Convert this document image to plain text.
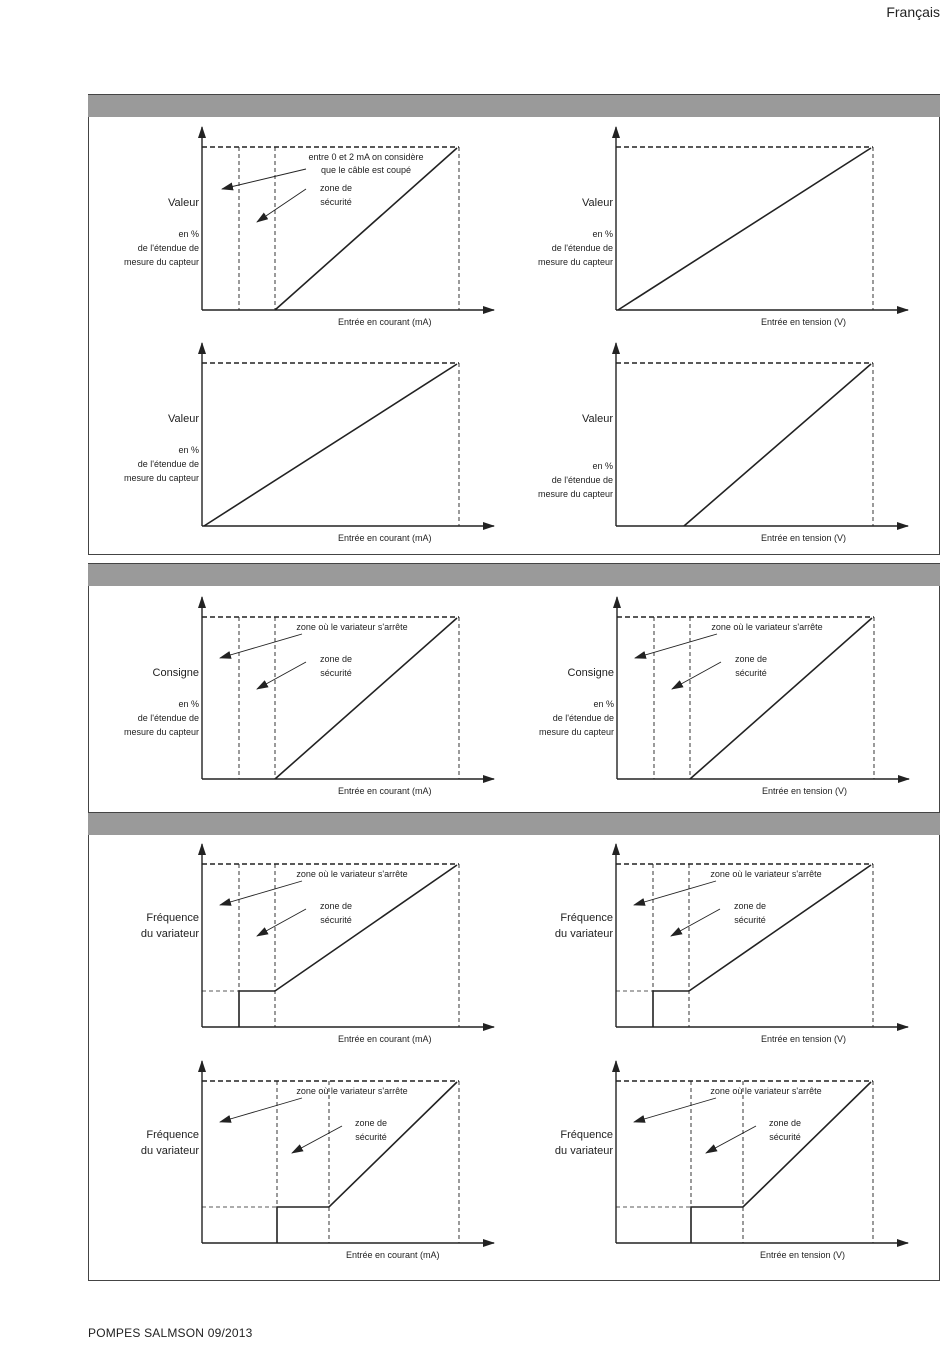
Français
Entrée en courant (mA)
Valeur
en %
de l'étendue de
mesure du capteur
entre 0 et 2 mA on considère
que le câble est coupé
zone de
sécurité
Entrée en tension (V)
Valeur
en %
de l'étendue de
mesure du capteur
Entrée en courant (mA)
Valeur
en %
de l'étendue de
mesure du capteur
Entrée en tension (V)
Valeur
en %
de l'étendue de
mesure du capteur
Entrée en courant (mA)
Consigne
en %
de l'étendue de
mesure du capteur
zone où le variateur s'arrête
zone de
sécurité
Entrée en tension (V)
Consigne
en %
de l'étendue de
mesure du capteur
zone où le variateur s'arrête
zone de
sécurité
Entrée en courant (mA)
Fréquence
du variateur
zone où le variateur s'arrête
zone de
sécurité
Entrée en tension (V)
Fréquence
du variateur
zone où le variateur s'arrête
zone de
sécurité
Entrée en courant (mA)
Fréquence
du variateur
zone où le variateur s'arrête
zone de
sécurité
Entrée en tension (V)
Fréquence
du variateur
zone où le variateur s'arrête
zone de
sécurité
POMPES SALMSON 09/2013
